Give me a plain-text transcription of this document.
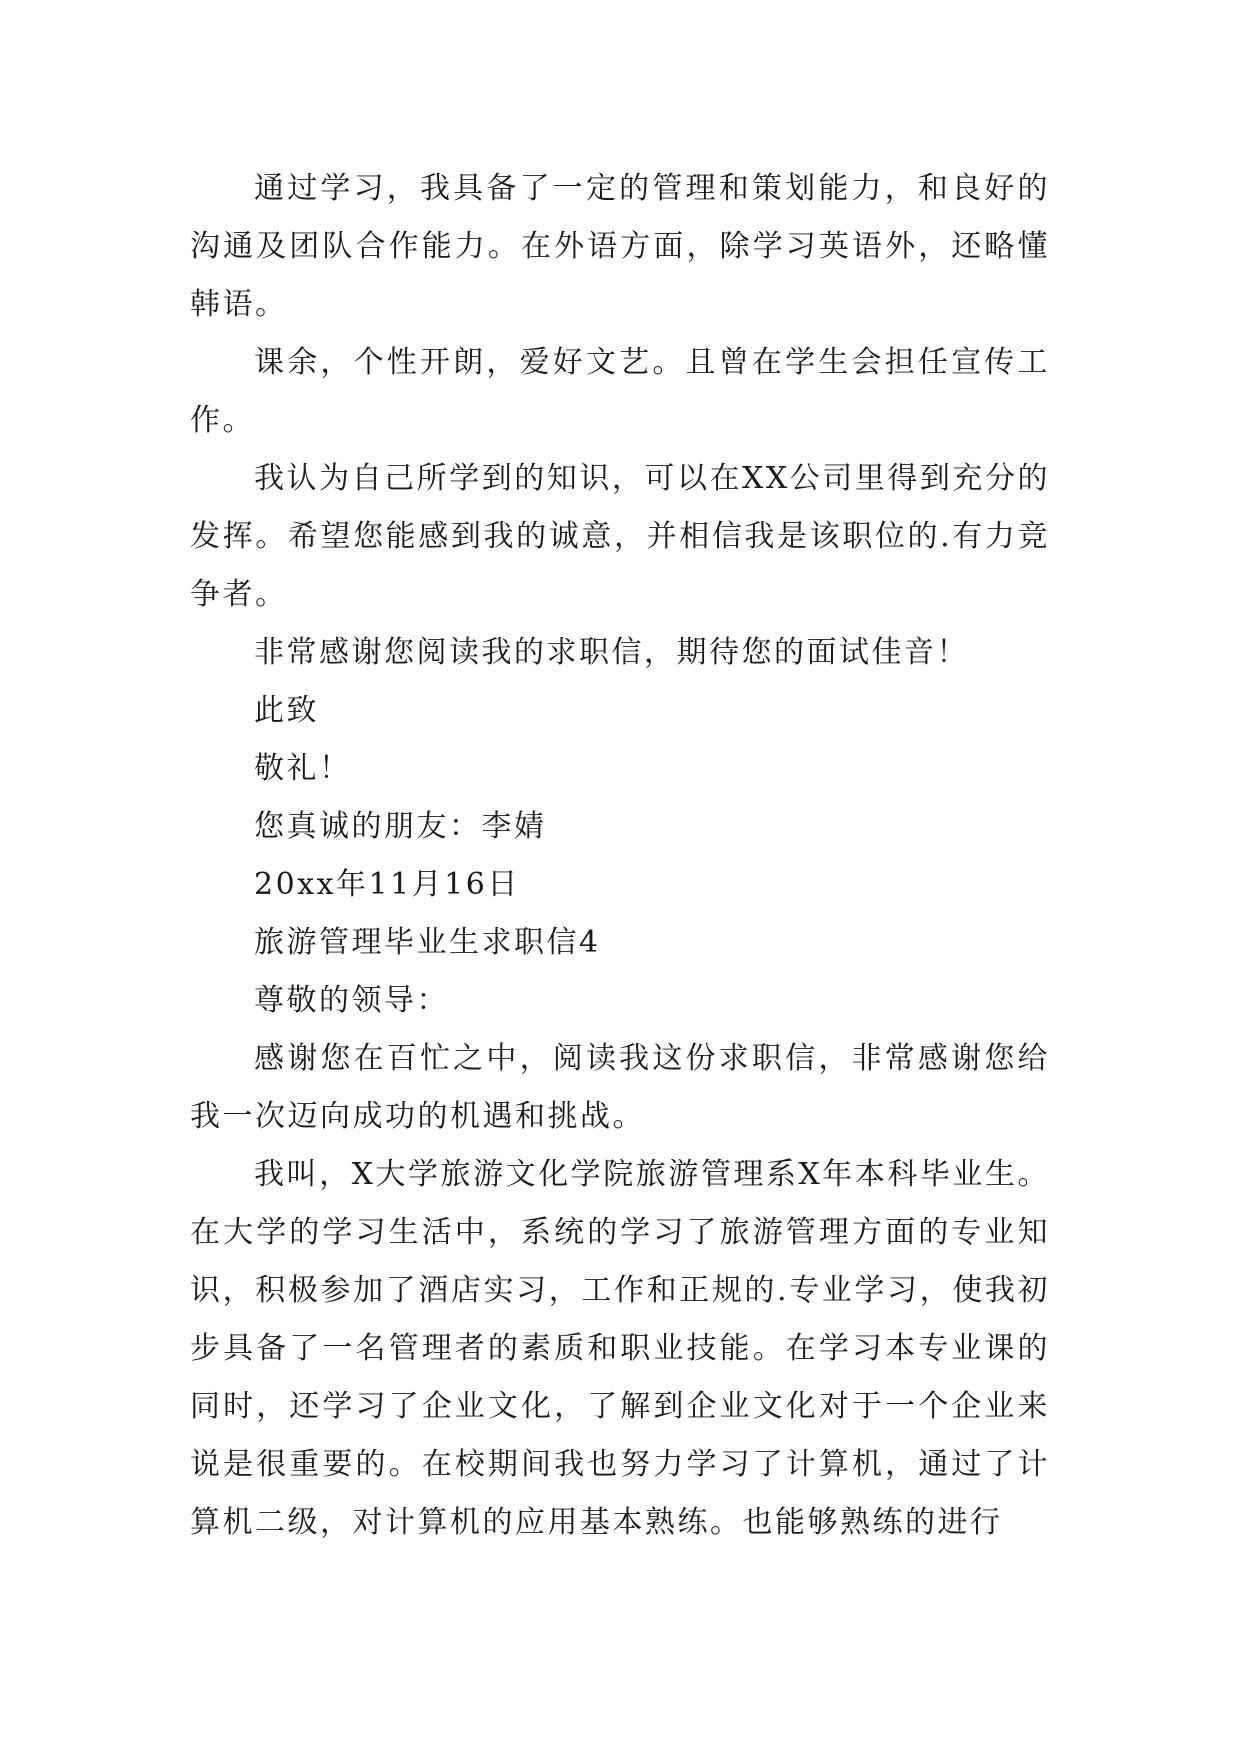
通过学习，我具备了一定的管理和策划能力，和良好的沟通及团队合作能力。在外语方面，除学习英语外，还略懂韩语。

课余，个性开朗，爱好文艺。且曾在学生会担任宣传工作。

我认为自己所学到的知识，可以在XX公司里得到充分的发挥。希望您能感到我的诚意，并相信我是该职位的.有力竞争者。

非常感谢您阅读我的求职信，期待您的面试佳音！

此致

敬礼！

您真诚的朋友：李婧

20xx年11月16日

旅游管理毕业生求职信4

尊敬的领导：

感谢您在百忙之中，阅读我这份求职信，非常感谢您给我一次迈向成功的机遇和挑战。

我叫，X大学旅游文化学院旅游管理系X年本科毕业生。在大学的学习生活中，系统的学习了旅游管理方面的专业知识，积极参加了酒店实习，工作和正规的.专业学习，使我初步具备了一名管理者的素质和职业技能。在学习本专业课的同时，还学习了企业文化，了解到企业文化对于一个企业来说是很重要的。在校期间我也努力学习了计算机，通过了计算机二级，对计算机的应用基本熟练。也能够熟练的进行
